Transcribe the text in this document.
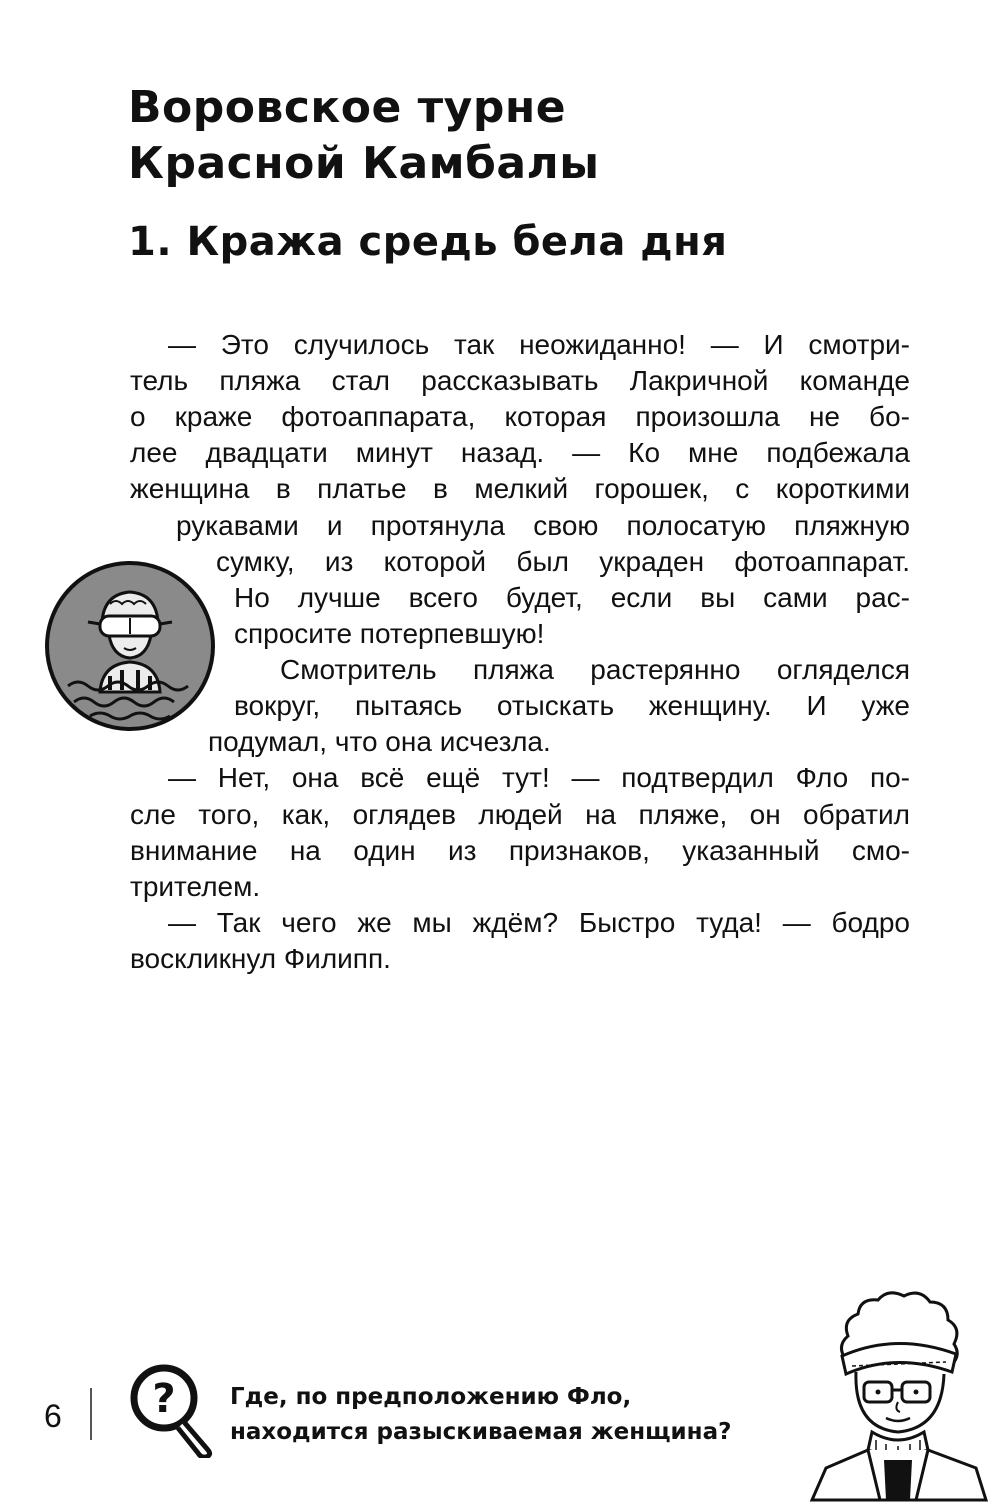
Воровское турне
Красной Камбалы
1. Кража средь бела дня
— Это случилось так неожиданно! — И смотри-
тель пляжа стал рассказывать Лакричной команде
о краже фотоаппарата, которая произошла не бо-
лее двадцати минут назад. — Ко мне подбежала
женщина в платье в мелкий горошек, с короткими
рукавами и протянула свою полосатую пляжную
сумку, из которой был украден фотоаппарат.
Но лучше всего будет, если вы сами рас-
спросите потерпевшую!
Смотритель пляжа растерянно огляделся
вокруг, пытаясь отыскать женщину. И уже
подумал, что она исчезла.
— Нет, она всё ещё тут! — подтвердил Фло по-
сле того, как, оглядев людей на пляже, он обратил
внимание на один из признаков, указанный смо-
трителем.
— Так чего же мы ждём? Быстро туда! — бодро
воскликнул Филипп.
6 ? Где, по предположению Фло,
находится разыскиваемая женщина?
